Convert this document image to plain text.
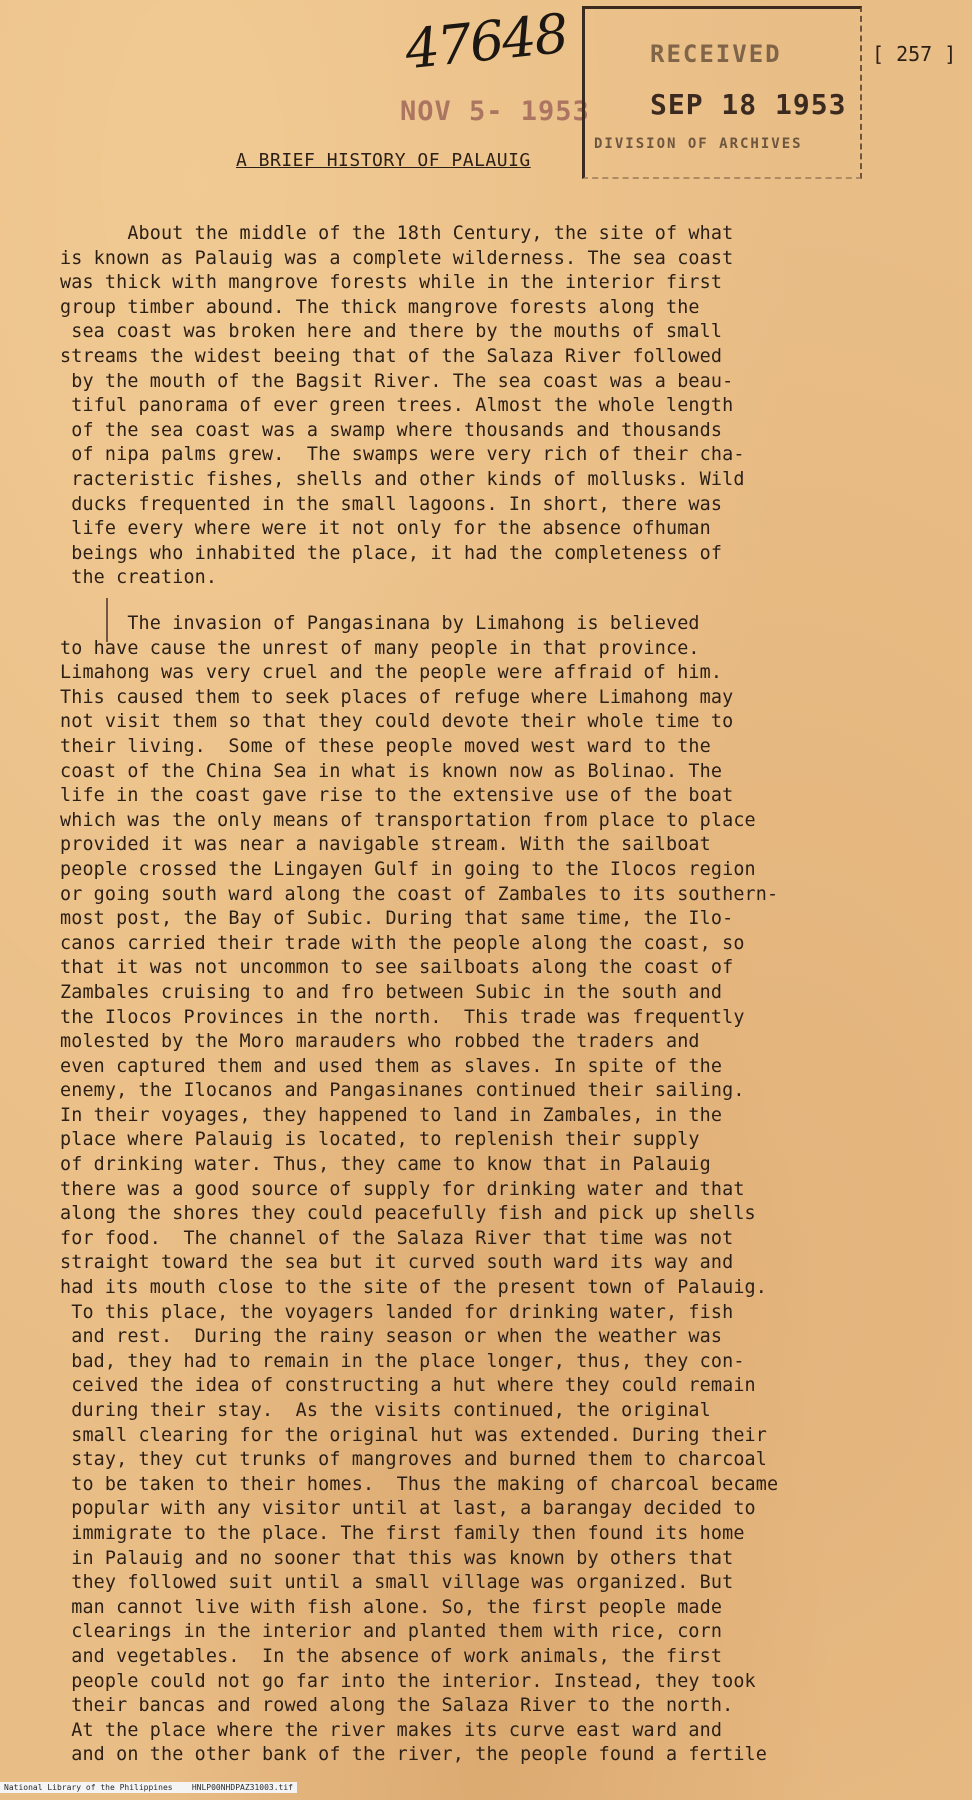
47648
NOV 5- 1953
RECEIVED
SEP 18 1953
DIVISION OF ARCHIVES
[ 257 ]
A BRIEF HISTORY OF PALAUIG
About the middle of the 18th Century, the site of what
is known as Palauig was a complete wilderness. The sea coast
was thick with mangrove forests while in the interior first
group timber abound. The thick mangrove forests along the
sea coast was broken here and there by the mouths of small
streams the widest beeing that of the Salaza River followed
by the mouth of the Bagsit River. The sea coast was a beau-
tiful panorama of ever green trees. Almost the whole length
of the sea coast was a swamp where thousands and thousands
of nipa palms grew.  The swamps were very rich of their cha-
racteristic fishes, shells and other kinds of mollusks. Wild
ducks frequented in the small lagoons. In short, there was
life every where were it not only for the absence ofhuman
beings who inhabited the place, it had the completeness of
the creation.
The invasion of Pangasinana by Limahong is believed
to have cause the unrest of many people in that province.
Limahong was very cruel and the people were affraid of him.
This caused them to seek places of refuge where Limahong may
not visit them so that they could devote their whole time to
their living.  Some of these people moved west ward to the
coast of the China Sea in what is known now as Bolinao. The
life in the coast gave rise to the extensive use of the boat
which was the only means of transportation from place to place
provided it was near a navigable stream. With the sailboat
people crossed the Lingayen Gulf in going to the Ilocos region
or going south ward along the coast of Zambales to its southern-
most post, the Bay of Subic. During that same time, the Ilo-
canos carried their trade with the people along the coast, so
that it was not uncommon to see sailboats along the coast of
Zambales cruising to and fro between Subic in the south and
the Ilocos Provinces in the north.  This trade was frequently
molested by the Moro marauders who robbed the traders and
even captured them and used them as slaves. In spite of the
enemy, the Ilocanos and Pangasinanes continued their sailing.
In their voyages, they happened to land in Zambales, in the
place where Palauig is located, to replenish their supply
of drinking water. Thus, they came to know that in Palauig
there was a good source of supply for drinking water and that
along the shores they could peacefully fish and pick up shells
for food.  The channel of the Salaza River that time was not
straight toward the sea but it curved south ward its way and
had its mouth close to the site of the present town of Palauig.
To this place, the voyagers landed for drinking water, fish
and rest.  During the rainy season or when the weather was
bad, they had to remain in the place longer, thus, they con-
ceived the idea of constructing a hut where they could remain
during their stay.  As the visits continued, the original
small clearing for the original hut was extended. During their
stay, they cut trunks of mangroves and burned them to charcoal
to be taken to their homes.  Thus the making of charcoal became
popular with any visitor until at last, a barangay decided to
immigrate to the place. The first family then found its home
in Palauig and no sooner that this was known by others that
they followed suit until a small village was organized. But
man cannot live with fish alone. So, the first people made
clearings in the interior and planted them with rice, corn
and vegetables.  In the absence of work animals, the first
people could not go far into the interior. Instead, they took
their bancas and rowed along the Salaza River to the north.
At the place where the river makes its curve east ward and
and on the other bank of the river, the people found a fertile
National Library of the Philippines    HNLP00NHDPAZ31003.tif
